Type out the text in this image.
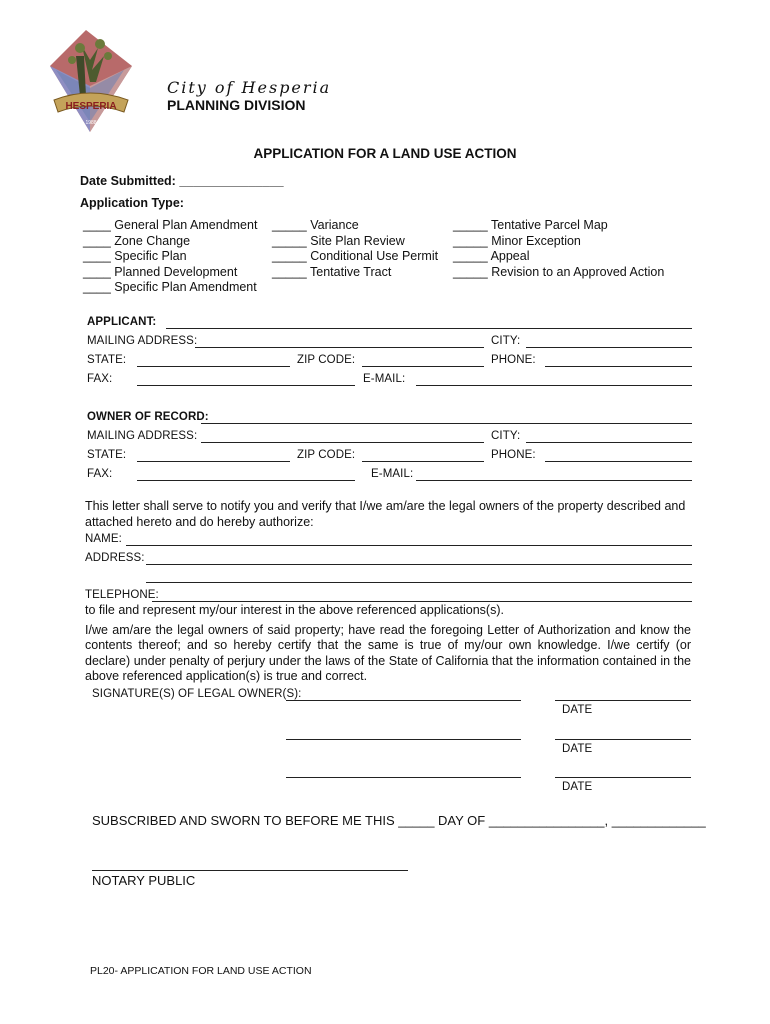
HESPERIA
1988
City of Hesperia
PLANNING DIVISION
APPLICATION FOR A LAND USE ACTION
Date Submitted: _______________
Application Type:
____ General Plan Amendment
____ Zone Change
____ Specific Plan
____ Planned Development
____ Specific Plan Amendment
_____ Variance
_____ Site Plan Review
_____ Conditional Use Permit
_____ Tentative Tract
_____ Tentative Parcel Map
_____ Minor Exception
_____ Appeal
_____ Revision to an Approved Action
APPLICANT:
MAILING ADDRESS:	CITY:
STATE:	ZIP CODE:	PHONE:
FAX:	E-MAIL:
OWNER OF RECORD:
MAILING ADDRESS:	CITY:
STATE:	ZIP CODE:	PHONE:
FAX:	E-MAIL:
This letter shall serve to notify you and verify that I/we am/are the legal owners of the property described and attached hereto and do hereby authorize:
NAME:
ADDRESS:
TELEPHONE:
to file and represent my/our interest in the above referenced applications(s).
I/we am/are the legal owners of said property; have read the foregoing Letter of Authorization and know the contents thereof; and so hereby certify that the same is true of my/our own knowledge. I/we certify (or declare) under penalty of perjury under the laws of the State of California that the information contained in the above referenced application(s) is true and correct.
SIGNATURE(S) OF LEGAL OWNER(S):
DATE
DATE
DATE
SUBSCRIBED AND SWORN TO BEFORE ME THIS _____ DAY OF ________________, _____________
NOTARY PUBLIC
PL20- APPLICATION FOR LAND USE ACTION
